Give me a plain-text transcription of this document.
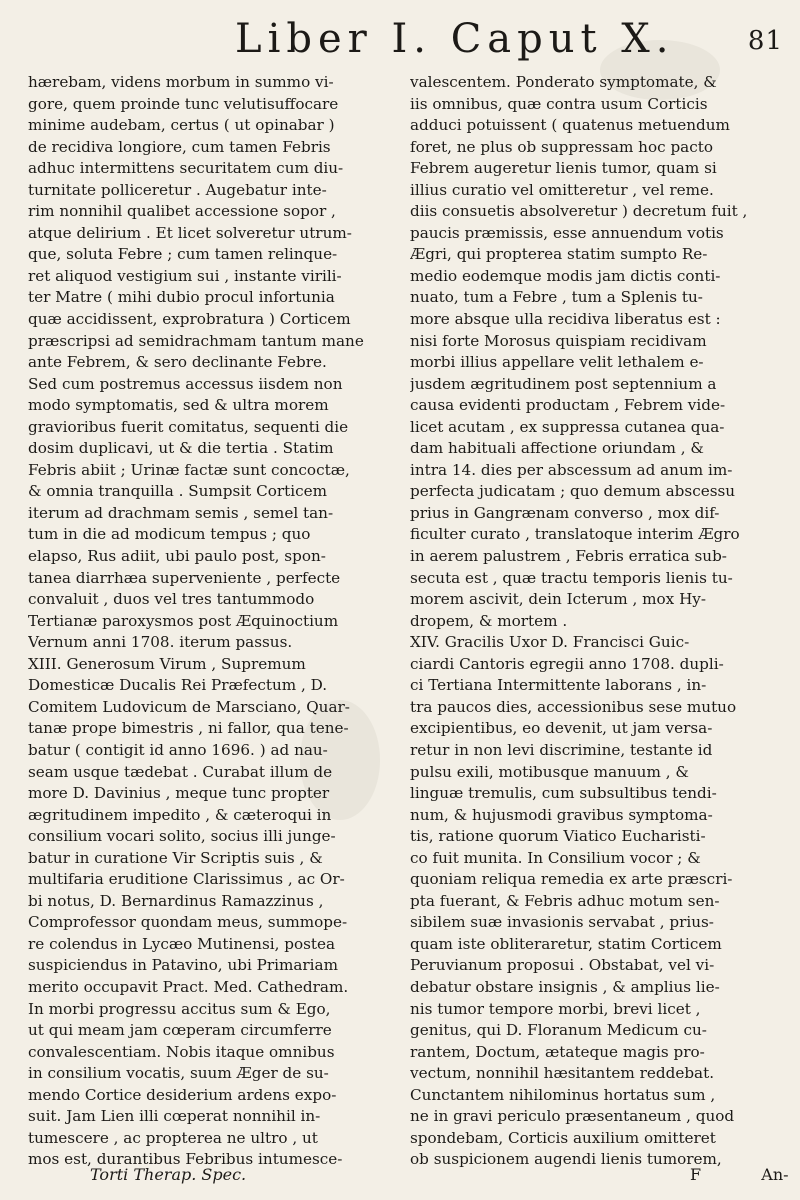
Liber I. Caput X.	81
hærebam, videns morbum in summo vi-
gore, quem proinde tunc velutisuffocare
minime audebam, certus ( ut opinabar )
de recidiva longiore, cum tamen Febris
adhuc intermittens securitatem cum diu-
turnitate polliceretur . Augebatur inte-
rim nonnihil qualibet accessione sopor ,
atque delirium . Et licet solveretur utrum-
que, soluta Febre ; cum tamen relinque-
ret aliquod vestigium sui , instante virili-
ter Matre ( mihi dubio procul infortunia
quæ accidissent, exprobratura ) Corticem
præscripsi ad semidrachmam tantum mane
ante Febrem, & sero declinante Febre.
Sed cum postremus accessus iisdem non
modo symptomatis, sed & ultra morem
gravioribus fuerit comitatus, sequenti die
dosim duplicavi, ut & die tertia . Statim
Febris abiit ; Urinæ factæ sunt concoctæ,
& omnia tranquilla . Sumpsit Corticem
iterum ad drachmam semis , semel tan-
tum in die ad modicum tempus ; quo
elapso, Rus adiit, ubi paulo post, spon-
tanea diarrhæa superveniente , perfecte
convaluit , duos vel tres tantummodo
Tertianæ paroxysmos post Æquinoctium
Vernum anni 1708. iterum passus.
XIII. Generosum Virum , Supremum
Domesticæ Ducalis Rei Præfectum , D.
Comitem Ludovicum de Marsciano, Quar-
tanæ prope bimestris , ni fallor, qua tene-
batur ( contigit id anno 1696. ) ad nau-
seam usque tædebat . Curabat illum de
more D. Davinius , meque tunc propter
ægritudinem impedito , & cæteroqui in
consilium vocari solito, socius illi junge-
batur in curatione Vir Scriptis suis , &
multifaria eruditione Clarissimus , ac Or-
bi notus, D. Bernardinus Ramazzinus ,
Comprofessor quondam meus, summope-
re colendus in Lycæo Mutinensi, postea
suspiciendus in Patavino, ubi Primariam
merito occupavit Pract. Med. Cathedram.
In morbi progressu accitus sum & Ego,
ut qui meam jam cœperam circumferre
convalescentiam. Nobis itaque omnibus
in consilium vocatis, suum Æger de su-
mendo Cortice desiderium ardens expo-
suit. Jam Lien illi cœperat nonnihil in-
tumescere , ac propterea ne ultro , ut
mos est, durantibus Febribus intumesce-
valescentem. Ponderato symptomate, &
iis omnibus, quæ contra usum Corticis
adduci potuissent ( quatenus metuendum
foret, ne plus ob suppressam hoc pacto
Febrem augeretur lienis tumor, quam si
illius curatio vel omitteretur , vel reme.
diis consuetis absolveretur ) decretum fuit ,
paucis præmissis, esse annuendum votis
Ægri, qui propterea statim sumpto Re-
medio eodemque modis jam dictis conti-
nuato, tum a Febre , tum a Splenis tu-
more absque ulla recidiva liberatus est :
nisi forte Morosus quispiam recidivam
morbi illius appellare velit lethalem e-
jusdem ægritudinem post septennium a
causa evidenti productam , Febrem vide-
licet acutam , ex suppressa cutanea qua-
dam habituali affectione oriundam , &
intra 14. dies per abscessum ad anum im-
perfecta judicatam ; quo demum abscessu
prius in Gangrænam converso , mox dif-
ficulter curato , translatoque interim Ægro
in aerem palustrem , Febris erratica sub-
secuta est , quæ tractu temporis lienis tu-
morem ascivit, dein Icterum , mox Hy-
dropem, & mortem .
XIV. Gracilis Uxor D. Francisci Guic-
ciardi Cantoris egregii anno 1708. dupli-
ci Tertiana Intermittente laborans , in-
tra paucos dies, accessionibus sese mutuo
excipientibus, eo devenit, ut jam versa-
retur in non levi discrimine, testante id
pulsu exili, motibusque manuum , &
linguæ tremulis, cum subsultibus tendi-
num, & hujusmodi gravibus symptoma-
tis, ratione quorum Viatico Eucharisti-
co fuit munita. In Consilium vocor ; &
quoniam reliqua remedia ex arte præscri-
pta fuerant, & Febris adhuc motum sen-
sibilem suæ invasionis servabat , prius-
quam iste obliteraretur, statim Corticem
Peruvianum proposui . Obstabat, vel vi-
debatur obstare insignis , & amplius lie-
nis tumor tempore morbi, brevi licet ,
genitus, qui D. Floranum Medicum cu-
rantem, Doctum, ætateque magis pro-
vectum, nonnihil hæsitantem reddebat.
Cunctantem nihilominus hortatus sum ,
ne in gravi periculo præsentaneum , quod
spondebam, Corticis auxilium omitteret
ob suspicionem augendi lienis tumorem,
Torti Therap. Spec.	F	An-
